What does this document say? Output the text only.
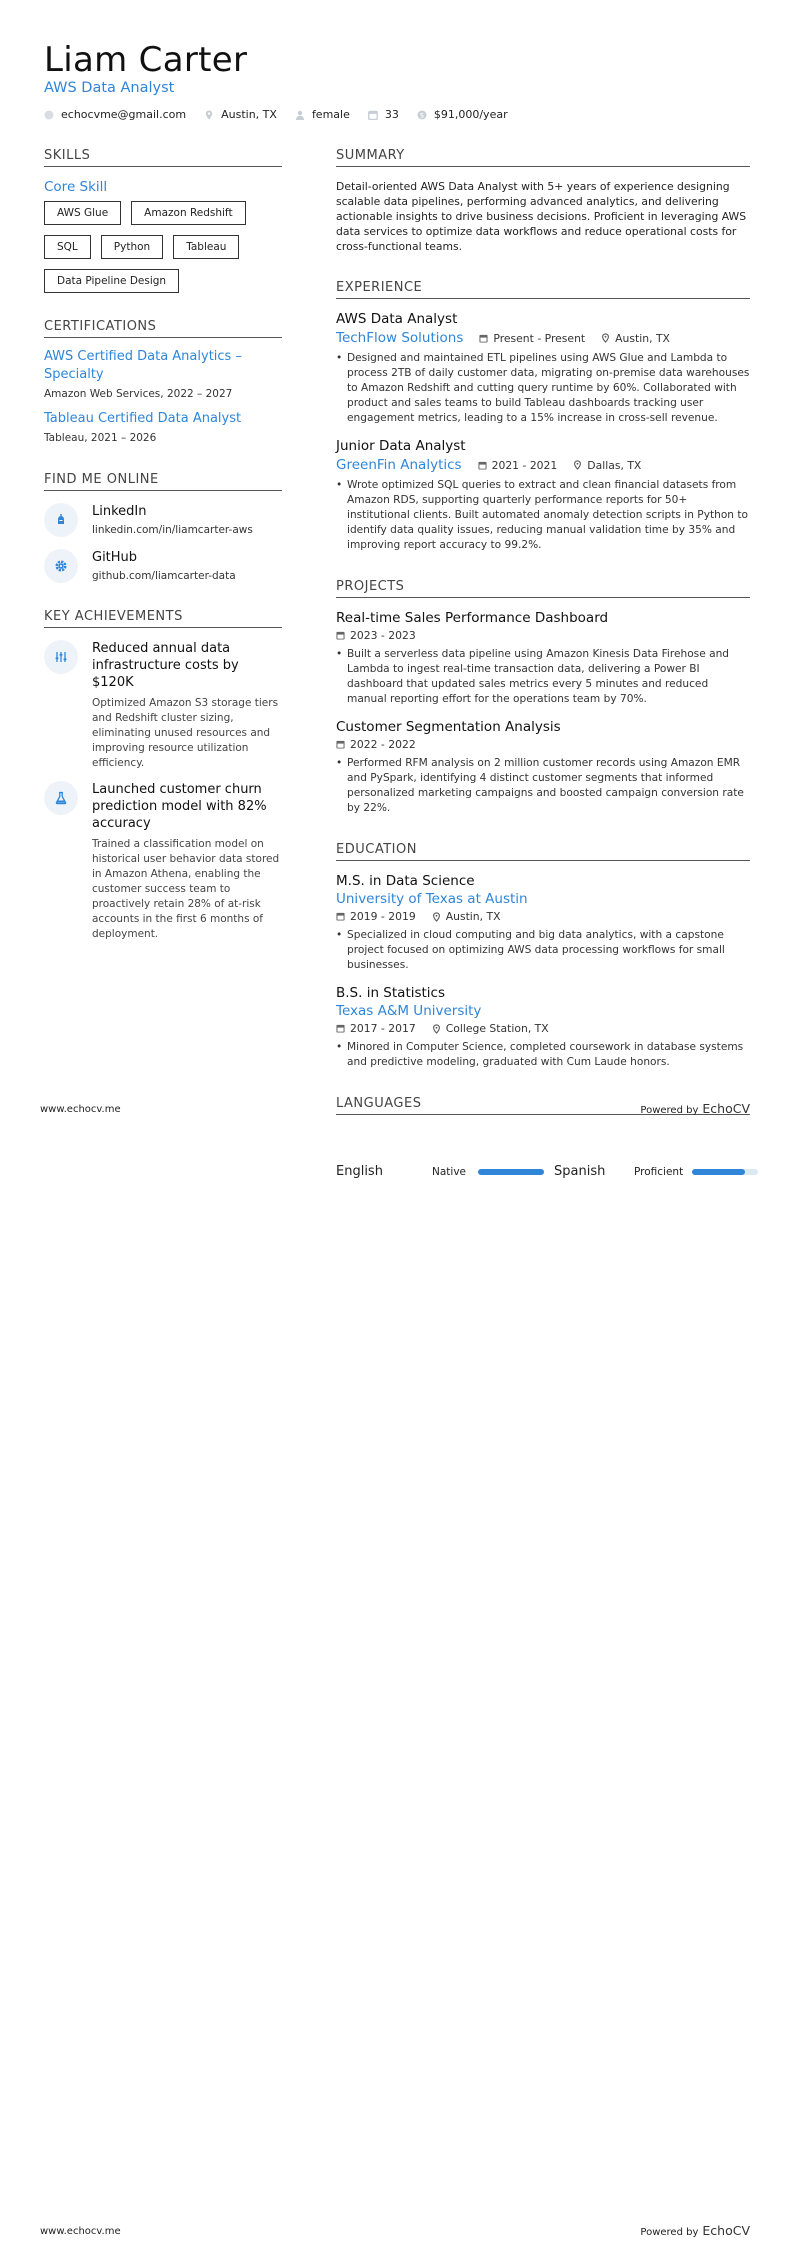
Liam Carter
AWS Data Analyst
echocvme@gmail.com	Austin, TX	female	33	$ $91,000/year
SKILLS
Core Skill
AWS Glue	Amazon Redshift
SQL	Python	Tableau
Data Pipeline Design
CERTIFICATIONS
AWS Certified Data Analytics – Specialty
Amazon Web Services, 2022 – 2027
Tableau Certified Data Analyst
Tableau, 2021 – 2026
FIND ME ONLINE
LinkedIn
linkedin.com/in/liamcarter-aws
GitHub
github.com/liamcarter-data
KEY ACHIEVEMENTS
Reduced annual data infrastructure costs by $120K
Optimized Amazon S3 storage tiers and Redshift cluster sizing, eliminating unused resources and improving resource utilization efficiency.
Launched customer churn prediction model with 82% accuracy
Trained a classification model on historical user behavior data stored in Amazon Athena, enabling the customer success team to proactively retain 28% of at-risk accounts in the first 6 months of deployment.
SUMMARY
Detail-oriented AWS Data Analyst with 5+ years of experience designing scalable data pipelines, performing advanced analytics, and delivering actionable insights to drive business decisions. Proficient in leveraging AWS data services to optimize data workflows and reduce operational costs for cross-functional teams.
EXPERIENCE
AWS Data Analyst
TechFlow Solutions	Present - Present	Austin, TX
• Designed and maintained ETL pipelines using AWS Glue and Lambda to process 2TB of daily customer data, migrating on-premise data warehouses to Amazon Redshift and cutting query runtime by 60%. Collaborated with product and sales teams to build Tableau dashboards tracking user engagement metrics, leading to a 15% increase in cross-sell revenue.
Junior Data Analyst
GreenFin Analytics	2021 - 2021	Dallas, TX
• Wrote optimized SQL queries to extract and clean financial datasets from Amazon RDS, supporting quarterly performance reports for 50+ institutional clients. Built automated anomaly detection scripts in Python to identify data quality issues, reducing manual validation time by 35% and improving report accuracy to 99.2%.
PROJECTS
Real-time Sales Performance Dashboard
2023 - 2023
• Built a serverless data pipeline using Amazon Kinesis Data Firehose and Lambda to ingest real-time transaction data, delivering a Power BI dashboard that updated sales metrics every 5 minutes and reduced manual reporting effort for the operations team by 70%.
Customer Segmentation Analysis
2022 - 2022
• Performed RFM analysis on 2 million customer records using Amazon EMR and PySpark, identifying 4 distinct customer segments that informed personalized marketing campaigns and boosted campaign conversion rate by 22%.
EDUCATION
M.S. in Data Science
University of Texas at Austin
2019 - 2019	Austin, TX
• Specialized in cloud computing and big data analytics, with a capstone project focused on optimizing AWS data processing workflows for small businesses.
B.S. in Statistics
Texas A&M University
2017 - 2017	College Station, TX
• Minored in Computer Science, completed coursework in database systems and predictive modeling, graduated with Cum Laude honors.
LANGUAGES
www.echocv.me	Powered by EchoCV
English	Native	Spanish	Proficient
www.echocv.me	Powered by EchoCV
